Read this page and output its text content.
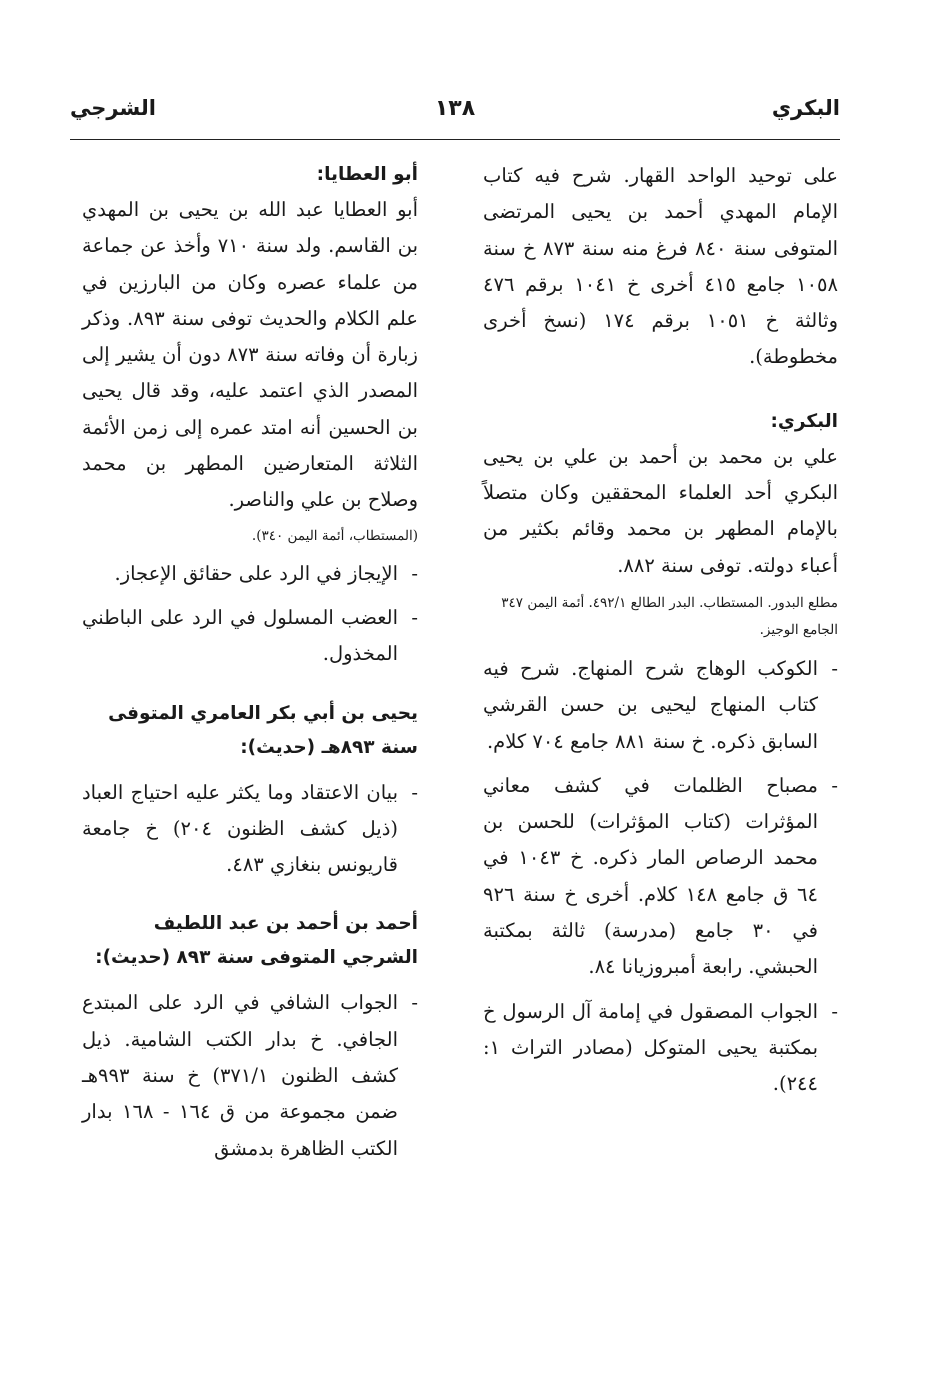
البكري
١٣٨
الشرجي

على توحيد الواحد القهار. شرح فيه كتاب الإمام المهدي أحمد بن يحيى المرتضى المتوفى سنة ٨٤٠ فرغ منه سنة ٨٧٣ خ سنة ١٠٥٨ جامع ٤١٥ أخرى خ ١٠٤١ برقم ٤٧٦ وثالثة خ ١٠٥١ برقم ١٧٤ (نسخ أخرى مخطوطة).

البكري:

علي بن محمد بن أحمد بن علي بن يحيى البكري أحد العلماء المحققين وكان متصلاً بالإمام المطهر بن محمد وقائم بكثير من أعباء دولته. توفى سنة ٨٨٢.

مطلع البدور. المستطاب. البدر الطالع ٤٩٢/١. أئمة اليمن ٣٤٧ الجامع الوجيز.

-
الكوكب الوهاج شرح المنهاج. شرح فيه كتاب المنهاج ليحيى بن حسن القرشي السابق ذكره. خ سنة ٨٨١ جامع ٧٠٤ كلام.
-
مصباح الظلمات في كشف معاني المؤثرات (كتاب المؤثرات) للحسن بن محمد الرصاص المار ذكره. خ ١٠٤٣ في ٦٤ ق جامع ١٤٨ كلام. أخرى خ سنة ٩٢٦ في ٣٠ جامع (مدرسة) ثالثة بمكتبة الحبشي. رابعة أمبروزيانا ٨٤.
-
الجواب المصقول في إمامة آل الرسول خ بمكتبة يحيى المتوكل (مصادر التراث ١: ٢٤٤).
أبو العطايا:

أبو العطايا عبد الله بن يحيى بن المهدي بن القاسم. ولد سنة ٧١٠ وأخذ عن جماعة من علماء عصره وكان من البارزين في علم الكلام والحديث توفى سنة ٨٩٣. وذكر زبارة أن وفاته سنة ٨٧٣ دون أن يشير إلى المصدر الذي اعتمد عليه، وقد قال يحيى بن الحسين أنه امتد عمره إلى زمن الأئمة الثلاثة المتعارضين المطهر بن محمد وصلاح بن علي والناصر.

(المستطاب، أئمة اليمن ٣٤٠).

-
الإيجاز في الرد على حقائق الإعجاز.
-
العضب المسلول في الرد على الباطني المخذول.
يحيى بن أبي بكر العامري المتوفى سنة ٨٩٣هـ (حديث):
-
بيان الاعتقاد وما يكثر عليه احتياج العباد (ذيل كشف الظنون ٢٠٤) خ جامعة قاريونس بنغازي ٤٨٣.
أحمد بن أحمد بن عبد اللطيف الشرجي المتوفى سنة ٨٩٣ (حديث):
-
الجواب الشافي في الرد على المبتدع الجافي. خ بدار الكتب الشامية. ذيل كشف الظنون ٣٧١/١) خ سنة ٩٩٣هـ ضمن مجموعة من ق ١٦٤ - ١٦٨ بدار الكتب الظاهرة بدمشق
